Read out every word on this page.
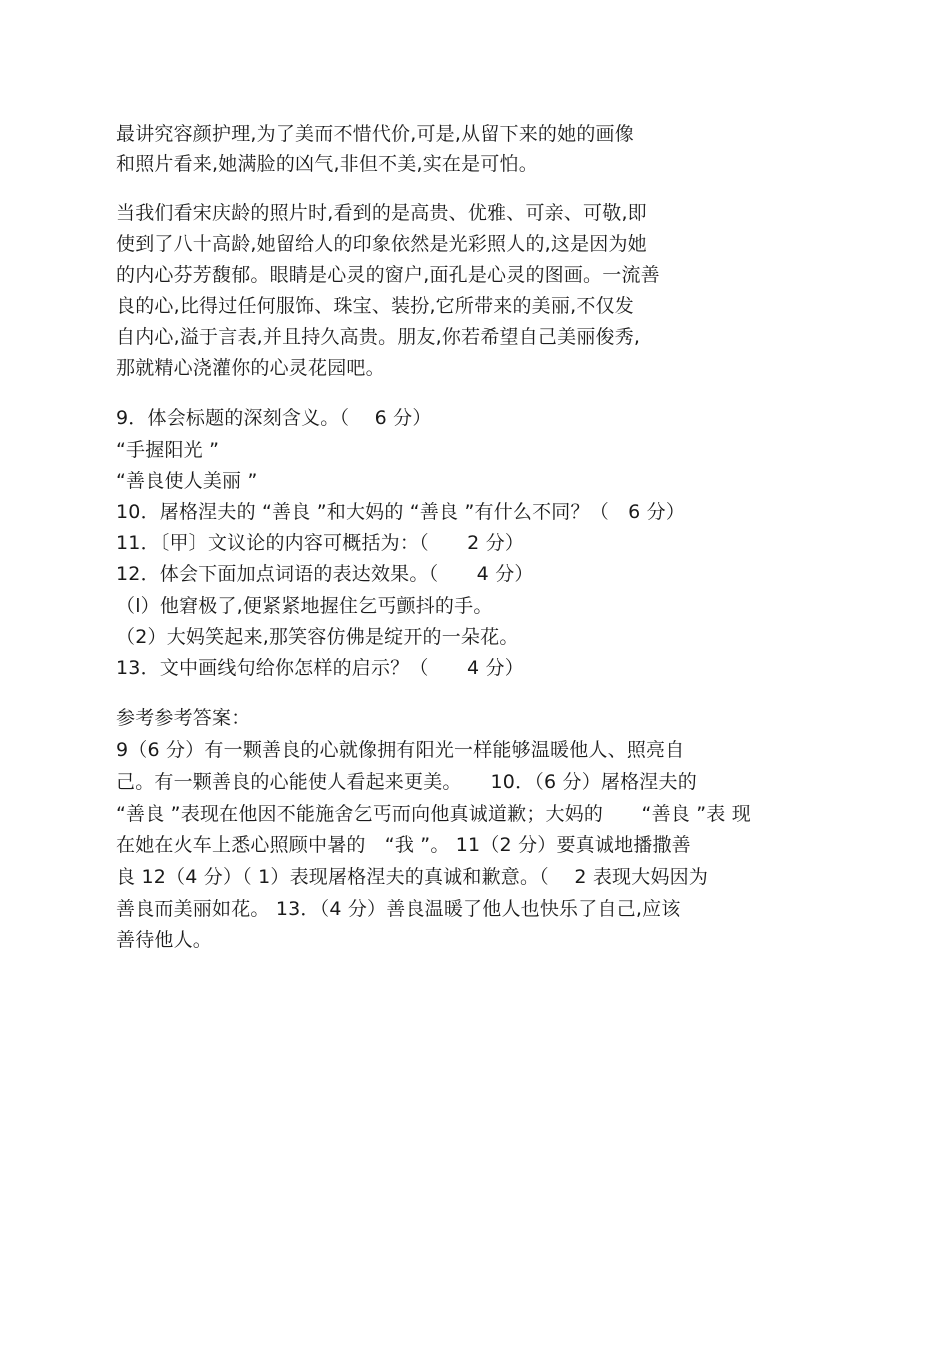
最讲究容颜护理,为了美而不惜代价,可是,从留下来的她的画像
和照片看来,她满脸的凶气,非但不美,实在是可怕。
当我们看宋庆龄的照片时,看到的是高贵、优雅、可亲、可敬,即
使到了八十高龄,她留给人的印象依然是光彩照人的,这是因为她
的内心芬芳馥郁。眼睛是心灵的窗户,面孔是心灵的图画。一流善
良的心,比得过任何服饰、珠宝、装扮,它所带来的美丽,不仅发
自内心,溢于言表,并且持久高贵。朋友,你若希望自己美丽俊秀,
那就精心浇灌你的心灵花园吧。
9．体会标题的深刻含义。（　 6 分）
“手握阳光 ”
“善良使人美丽 ”
10．屠格涅夫的 “善良 ”和大妈的 “善良 ”有什么不同？（　6 分）
11．〔甲〕文议论的内容可概括为：（　　2 分）
12．体会下面加点词语的表达效果。（　　4 分）
（l）他窘极了,便紧紧地握住乞丐颤抖的手。
（2）大妈笑起来,那笑容仿佛是绽开的一朵花。
13．文中画线句给你怎样的启示？（　　4 分）
参考参考答案：
9（6 分）有一颗善良的心就像拥有阳光一样能够温暖他人、照亮自
己。有一颗善良的心能使人看起来更美。　　10．（6 分）屠格涅夫的
“善良 ”表现在他因不能施舍乞丐而向他真诚道歉；大妈的　　“善良 ”表 现
在她在火车上悉心照顾中暑的　“我 ”。 11（2 分）要真诚地播撒善
良 12（4 分）（ 1）表现屠格涅夫的真诚和歉意。（　 2 表现大妈因为
善良而美丽如花。 13．（4 分）善良温暖了他人也快乐了自己,应该
善待他人。
